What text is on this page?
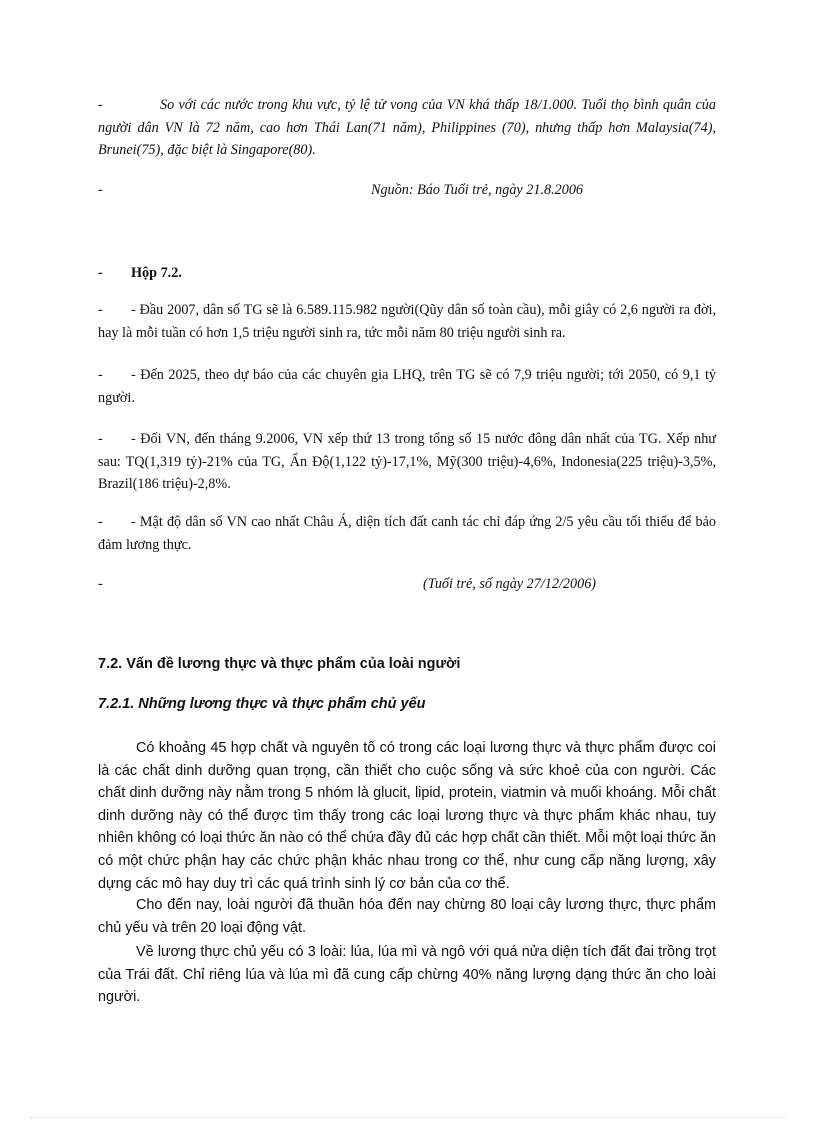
-	So với các nước trong khu vực, tỷ lệ tử vong của VN khá thấp 18/1.000. Tuổi thọ bình quân của người dân VN là 72 năm, cao hơn Thái Lan(71 năm), Philippines (70), nhưng thấp hơn Malaysia(74), Brunei(75), đặc biệt là Singapore(80).
-	Nguồn: Báo Tuổi trẻ, ngày 21.8.2006
- Hộp 7.2.
-	- Đầu 2007, dân số TG sẽ là 6.589.115.982 người(Qũy dân số toàn cầu), mỗi giây có 2,6 người ra đời, hay là mỗi tuần có hơn 1,5 triệu người sinh ra, tức mỗi năm 80 triệu người sinh ra.
-	- Đến 2025, theo dự báo của các chuyên gia LHQ, trên TG sẽ có 7,9 triệu người; tới 2050, có 9,1 tỷ người.
-	- Đối VN, đến tháng 9.2006, VN xếp thứ 13 trong tổng số 15 nước đông dân nhất của TG. Xếp như sau: TQ(1,319 tỷ)-21% của TG, Ấn Độ(1,122 tỷ)-17,1%, Mỹ(300 triệu)-4,6%, Indonesia(225 triệu)-3,5%, Brazil(186 triệu)-2,8%.
-	- Mật độ dân số VN cao nhất Châu Á, diện tích đất canh tác chỉ đáp ứng 2/5 yêu cầu tối thiểu để bảo đảm lương thực.
-	(Tuổi trẻ, số ngày 27/12/2006)
7.2. Vấn đề lương thực và thực phẩm của loài người
7.2.1. Những lương thực và thực phẩm chủ yếu
Có khoảng 45 hợp chất và nguyên tố có trong các loại lương thực và thực phẩm được coi là các chất dinh dưỡng quan trọng, cần thiết cho cuộc sống và sức khoẻ của con người. Các chất dinh dưỡng này nằm trong 5 nhóm là glucit, lipid, protein, viatmin và muối khoáng. Mỗi chất dinh dưỡng này có thể được tìm thấy trong các loại lương thực và thực phẩm khác nhau, tuy nhiên không có loại thức ăn nào có thể chứa đầy đủ các hợp chất cần thiết. Mỗi một loại thức ăn có một chức phận hay các chức phận khác nhau trong cơ thể, như cung cấp năng lượng, xây dựng các mô hay duy trì các quá trình sinh lý cơ bản của cơ thể.
Cho đến nay, loài người đã thuần hóa đến nay chừng 80 loại cây lương thực, thực phẩm chủ yếu và trên 20 loại động vật.
Về lương thực chủ yếu có 3 loài: lúa, lúa mì và ngô với quá nửa diện tích đất đai trồng trọt của Trái đất. Chỉ riêng lúa và lúa mì đã cung cấp chừng 40% năng lượng dạng thức ăn cho loài người.
